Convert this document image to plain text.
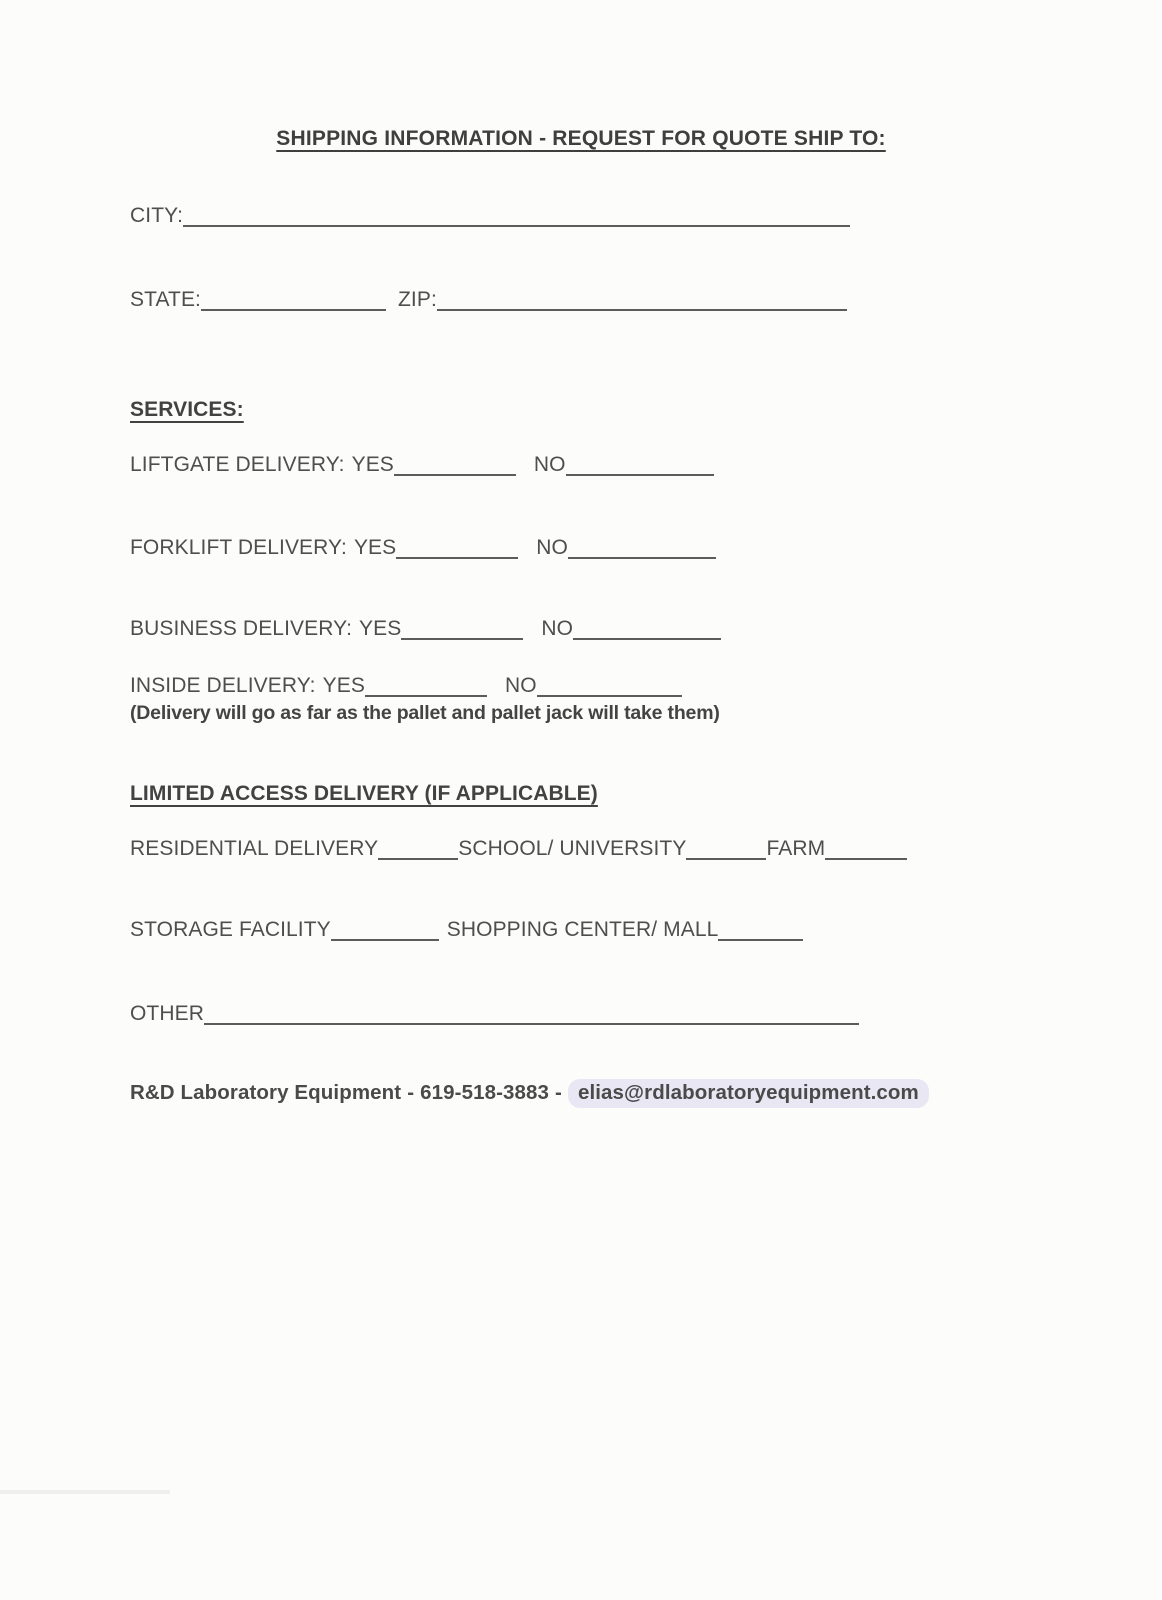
SHIPPING INFORMATION - REQUEST FOR QUOTE SHIP TO:
CITY:
STATE:	ZIP:
SERVICES:
LIFTGATE DELIVERY: YES	NO
FORKLIFT DELIVERY: YES	NO
BUSINESS DELIVERY: YES	NO
INSIDE DELIVERY: YES	NO
(Delivery will go as far as the pallet and pallet jack will take them)
LIMITED ACCESS DELIVERY (IF APPLICABLE)
RESIDENTIAL DELIVERY	SCHOOL/ UNIVERSITY	FARM
STORAGE FACILITY	SHOPPING CENTER/ MALL
OTHER
R&D Laboratory Equipment - 619-518-3883 - elias@rdlaboratoryequipment.com
